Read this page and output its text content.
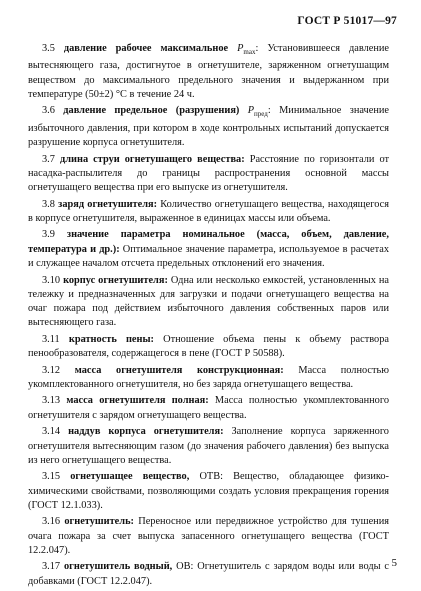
ГОСТ Р 51017—97

3.5 давление рабочее максимальное $P_{max}$: Установившееся давление вытесняющего газа, достигнутое в огнетушителе, заряженном огнетушащим веществом до максимального предельного значения и выдержанном при температуре (50±2) °С в течение 24 ч.

3.6 давление предельное (разрушения) $P_{пред}$: Минимальное значение избыточного давления, при котором в ходе контрольных испытаний допускается разрушение корпуса огнетушителя.

3.7 длина струи огнетушащего вещества: Расстояние по горизонтали от насадка-распылителя до границы распространения основной массы огнетушащего вещества при его выпуске из огнетушителя.

3.8 заряд огнетушителя: Количество огнетушащего вещества, находящегося в корпусе огнетушителя, выраженное в единицах массы или объема.

3.9 значение параметра номинальное (масса, объем, давление, температура и др.): Оптимальное значение параметра, используемое в расчетах и служащее началом отсчета предельных отклонений его значения.

3.10 корпус огнетушителя: Одна или несколько емкостей, установленных на тележку и предназначенных для загрузки и подачи огнетушащего вещества на очаг пожара под действием избыточного давления собственных паров или вытесняющего газа.

3.11 кратность пены: Отношение объема пены к объему раствора пенообразователя, содержащегося в пене (ГОСТ Р 50588).

3.12 масса огнетушителя конструкционная: Масса полностью укомплектованного огнетушителя, но без заряда огнетушащего вещества.

3.13 масса огнетушителя полная: Масса полностью укомплектованного огнетушителя с зарядом огнетушащего вещества.

3.14 наддув корпуса огнетушителя: Заполнение корпуса заряженного огнетушителя вытесняющим газом (до значения рабочего давления) без выпуска из него огнетушащего вещества.

3.15 огнетушащее вещество, ОТВ: Вещество, обладающее физико-химическими свойствами, позволяющими создать условия прекращения горения (ГОСТ 12.1.033).

3.16 огнетушитель: Переносное или передвижное устройство для тушения очага пожара за счет выпуска запасенного огнетушащего вещества (ГОСТ 12.2.047).

3.17 огнетушитель водный, ОВ: Огнетушитель с зарядом воды или воды с добавками (ГОСТ 12.2.047).

5
